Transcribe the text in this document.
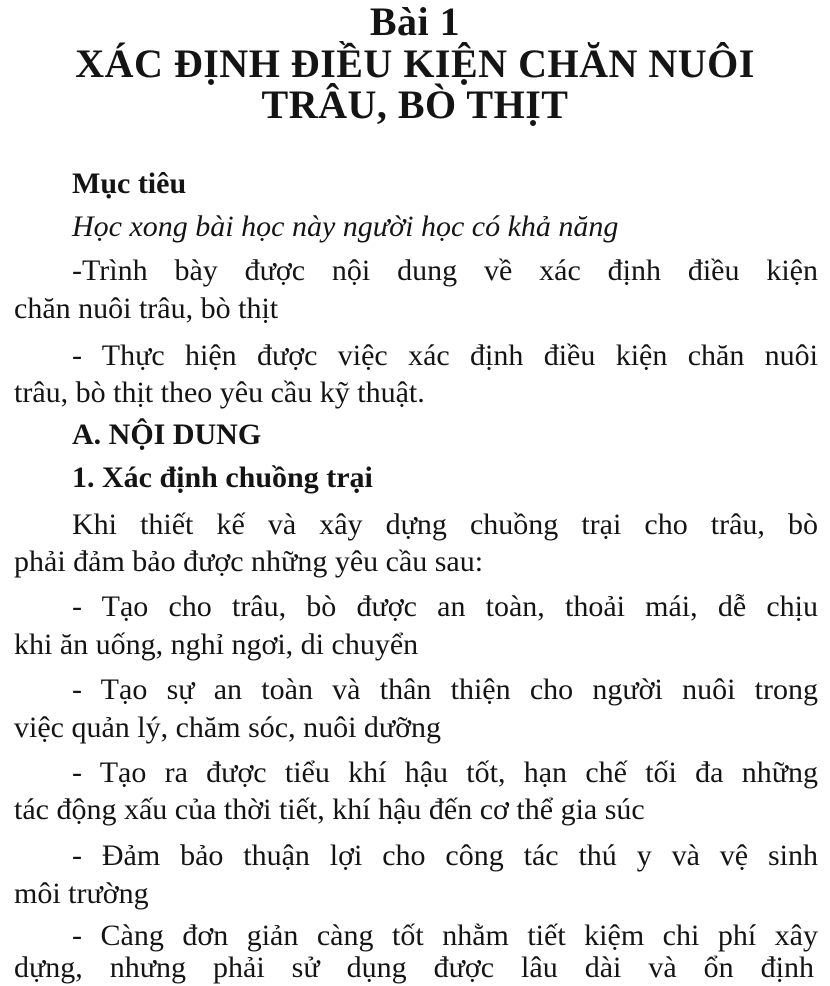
Bài 1
XÁC ĐỊNH ĐIỀU KIỆN CHĂN NUÔI
TRÂU, BÒ THỊT
Mục tiêu
Học xong bài học này người học có khả năng
-Trình bày được nội dung về xác định điều kiện
chăn nuôi trâu, bò thịt
- Thực hiện được việc xác định điều kiện chăn nuôi
trâu, bò thịt theo yêu cầu kỹ thuật.
A. NỘI DUNG
1. Xác định chuồng trại
Khi thiết kế và xây dựng chuồng trại cho trâu, bò
phải đảm bảo được những yêu cầu sau:
- Tạo cho trâu, bò được an toàn, thoải mái, dễ chịu
khi ăn uống, nghỉ ngơi, di chuyển
- Tạo sự an toàn và thân thiện cho người nuôi trong
việc quản lý, chăm sóc, nuôi dưỡng
- Tạo ra được tiểu khí hậu tốt, hạn chế tối đa những
tác động xấu của thời tiết, khí hậu đến cơ thể gia súc
- Đảm bảo thuận lợi cho công tác thú y và vệ sinh
môi trường
- Càng đơn giản càng tốt nhằm tiết kiệm chi phí xây
dựng, nhưng phải sử dụng được lâu dài và ổn định
